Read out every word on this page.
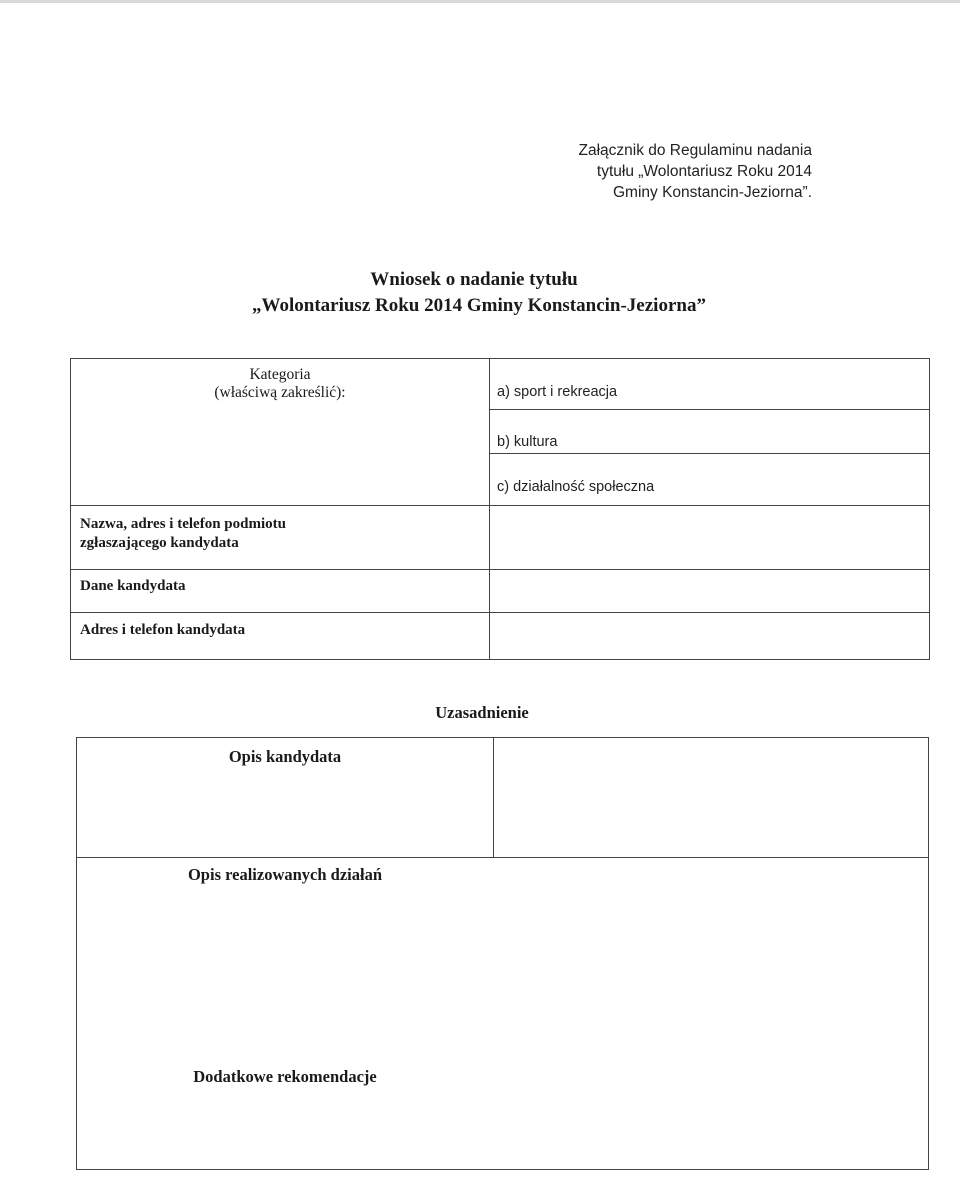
Załącznik do Regulaminu nadania
tytułu „Wolontariusz Roku 2014
Gminy Konstancin-Jeziorna”.
Wniosek o nadanie tytułu
„Wolontariusz Roku 2014 Gminy Konstancin-Jeziorna”
Kategoria
(właściwą zakreślić):	a) sport i rekreacja
b) kultura
c) działalność społeczna
Nazwa, adres i telefon podmiotu
zgłaszającego kandydata
Dane kandydata
Adres i telefon kandydata
Uzasadnienie
Opis kandydata
Opis realizowanych działań
Dodatkowe rekomendacje
